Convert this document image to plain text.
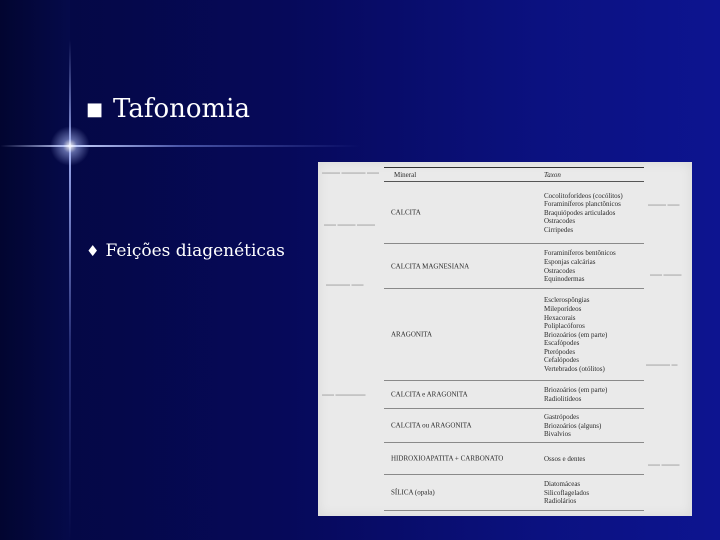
■ Tafonomia
♦ Feições diagenéticas
▬▬▬ ▬▬▬▬ ▬▬
▬▬ ▬▬▬ ▬▬▬
▬▬▬▬ ▬▬
▬▬ ▬▬▬▬▬
▬▬▬ ▬▬
▬▬ ▬▬▬
▬▬▬▬ ▬
▬▬ ▬▬▬
Mineral	Taxon
CALCITA
Cocolitoforídeos (cocólitos)
Foraminíferos planctônicos
Braquiópodes articulados
Ostracodes
Cirripedes
CALCITA MAGNESIANA
Foraminíferos bentônicos
Esponjas calcárias
Ostracodes
Equinodermas
ARAGONITA
Esclerospôngias
Mileporídeos
Hexacorais
Poliplacóforos
Briozoários (em parte)
Escafópodes
Pterópodes
Cefalópodes
Vertebrados (otólitos)
CALCITA e ARAGONITA
Briozoários (em parte)
Radiolitídeos
CALCITA ou ARAGONITA
Gastrópodes
Briozoários (alguns)
Bivalvios
HIDROXIOAPATITA + CARBONATO	Ossos e dentes
SÍLICA (opala)
Diatomáceas
Silicoflagelados
Radiolários
